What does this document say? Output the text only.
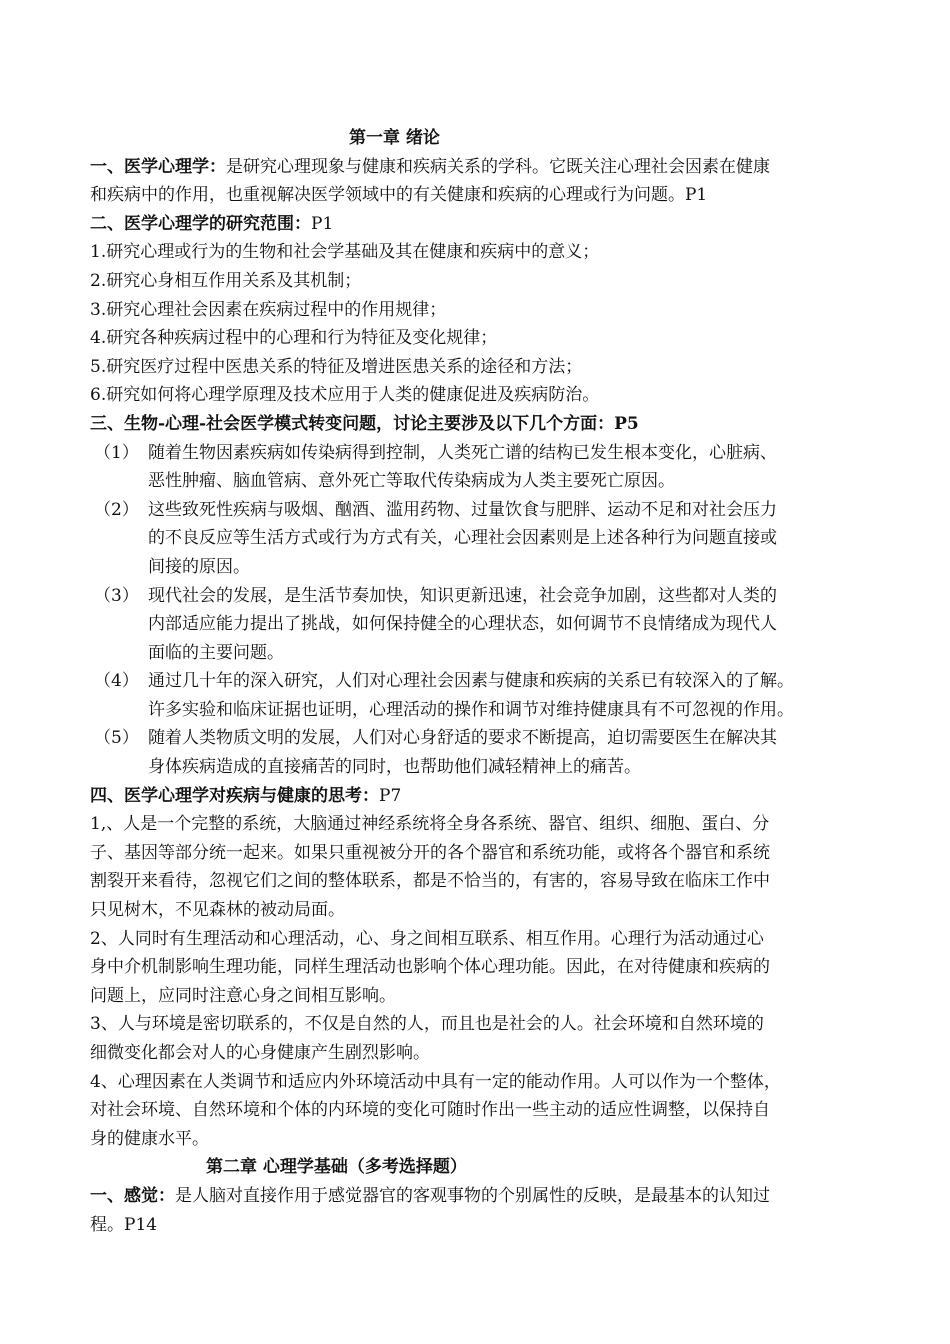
第一章 绪论
一、医学心理学：是研究心理现象与健康和疾病关系的学科。它既关注心理社会因素在健康
和疾病中的作用，也重视解决医学领域中的有关健康和疾病的心理或行为问题。P1
二、医学心理学的研究范围：P1
1.研究心理或行为的生物和社会学基础及其在健康和疾病中的意义；
2.研究心身相互作用关系及其机制；
3.研究心理社会因素在疾病过程中的作用规律；
4.研究各种疾病过程中的心理和行为特征及变化规律；
5.研究医疗过程中医患关系的特征及增进医患关系的途径和方法；
6.研究如何将心理学原理及技术应用于人类的健康促进及疾病防治。
三、生物-心理-社会医学模式转变问题，讨论主要涉及以下几个方面：P5
（1） 随着生物因素疾病如传染病得到控制，人类死亡谱的结构已发生根本变化，心脏病、
恶性肿瘤、脑血管病、意外死亡等取代传染病成为人类主要死亡原因。
（2） 这些致死性疾病与吸烟、酗酒、滥用药物、过量饮食与肥胖、运动不足和对社会压力
的不良反应等生活方式或行为方式有关，心理社会因素则是上述各种行为问题直接或
间接的原因。
（3） 现代社会的发展，是生活节奏加快，知识更新迅速，社会竞争加剧，这些都对人类的
内部适应能力提出了挑战，如何保持健全的心理状态，如何调节不良情绪成为现代人
面临的主要问题。
（4） 通过几十年的深入研究，人们对心理社会因素与健康和疾病的关系已有较深入的了解。
许多实验和临床证据也证明，心理活动的操作和调节对维持健康具有不可忽视的作用。
（5） 随着人类物质文明的发展，人们对心身舒适的要求不断提高，迫切需要医生在解决其
身体疾病造成的直接痛苦的同时，也帮助他们减轻精神上的痛苦。
四、医学心理学对疾病与健康的思考：P7
1,、人是一个完整的系统，大脑通过神经系统将全身各系统、器官、组织、细胞、蛋白、分
子、基因等部分统一起来。如果只重视被分开的各个器官和系统功能，或将各个器官和系统
割裂开来看待，忽视它们之间的整体联系，都是不恰当的，有害的，容易导致在临床工作中
只见树木，不见森林的被动局面。
2、人同时有生理活动和心理活动，心、身之间相互联系、相互作用。心理行为活动通过心
身中介机制影响生理功能，同样生理活动也影响个体心理功能。因此，在对待健康和疾病的
问题上，应同时注意心身之间相互影响。
3、人与环境是密切联系的，不仅是自然的人，而且也是社会的人。社会环境和自然环境的
细微变化都会对人的心身健康产生剧烈影响。
4、心理因素在人类调节和适应内外环境活动中具有一定的能动作用。人可以作为一个整体，
对社会环境、自然环境和个体的内环境的变化可随时作出一些主动的适应性调整，以保持自
身的健康水平。
第二章 心理学基础（多考选择题）
一、感觉：是人脑对直接作用于感觉器官的客观事物的个别属性的反映，是最基本的认知过
程。P14
